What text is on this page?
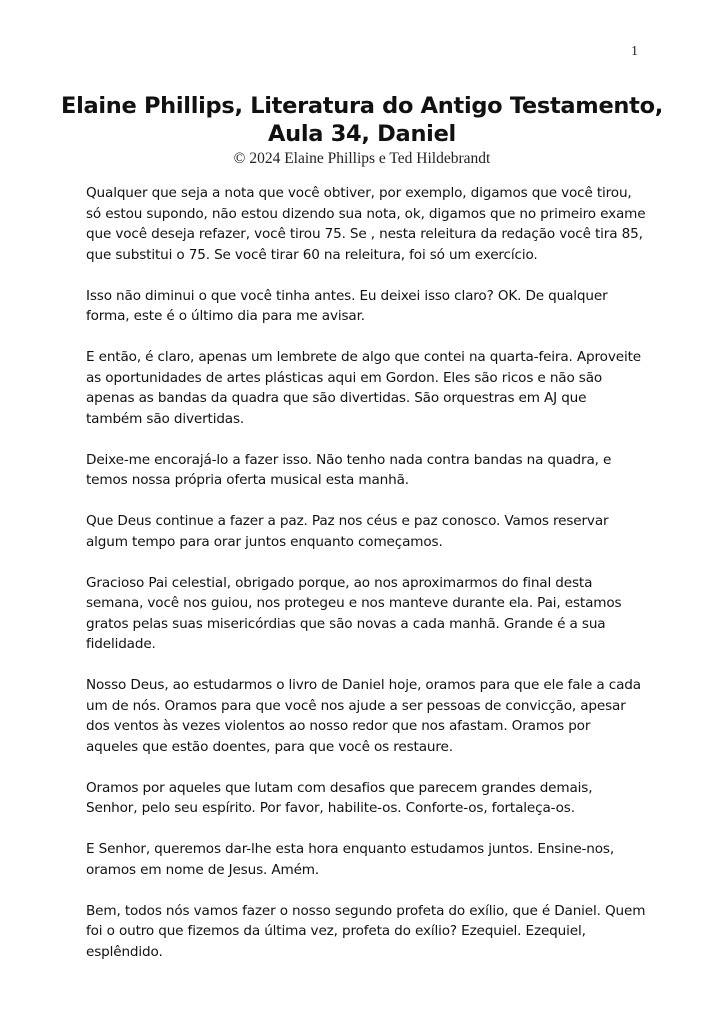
1
Elaine Phillips, Literatura do Antigo Testamento,
Aula 34, Daniel
© 2024 Elaine Phillips e Ted Hildebrandt

Qualquer que seja a nota que você obtiver, por exemplo, digamos que você tirou, só estou supondo, não estou dizendo sua nota, ok, digamos que no primeiro exame que você deseja refazer, você tirou 75. Se , nesta releitura da redação você tira 85, que substitui o 75. Se você tirar 60 na releitura, foi só um exercício.

Isso não diminui o que você tinha antes. Eu deixei isso claro? OK. De qualquer forma, este é o último dia para me avisar.

E então, é claro, apenas um lembrete de algo que contei na quarta-feira. Aproveite as oportunidades de artes plásticas aqui em Gordon. Eles são ricos e não são apenas as bandas da quadra que são divertidas. São orquestras em AJ que também são divertidas.

Deixe-me encorajá-lo a fazer isso. Não tenho nada contra bandas na quadra, e temos nossa própria oferta musical esta manhã.

Que Deus continue a fazer a paz. Paz nos céus e paz conosco. Vamos reservar algum tempo para orar juntos enquanto começamos.

Gracioso Pai celestial, obrigado porque, ao nos aproximarmos do final desta semana, você nos guiou, nos protegeu e nos manteve durante ela. Pai, estamos gratos pelas suas misericórdias que são novas a cada manhã. Grande é a sua fidelidade.

Nosso Deus, ao estudarmos o livro de Daniel hoje, oramos para que ele fale a cada um de nós. Oramos para que você nos ajude a ser pessoas de convicção, apesar dos ventos às vezes violentos ao nosso redor que nos afastam. Oramos por aqueles que estão doentes, para que você os restaure.

Oramos por aqueles que lutam com desafios que parecem grandes demais, Senhor, pelo seu espírito. Por favor, habilite-os. Conforte-os, fortaleça-os.

E Senhor, queremos dar-lhe esta hora enquanto estudamos juntos. Ensine-nos, oramos em nome de Jesus. Amém.

Bem, todos nós vamos fazer o nosso segundo profeta do exílio, que é Daniel. Quem foi o outro que fizemos da última vez, profeta do exílio? Ezequiel. Ezequiel, esplêndido.
